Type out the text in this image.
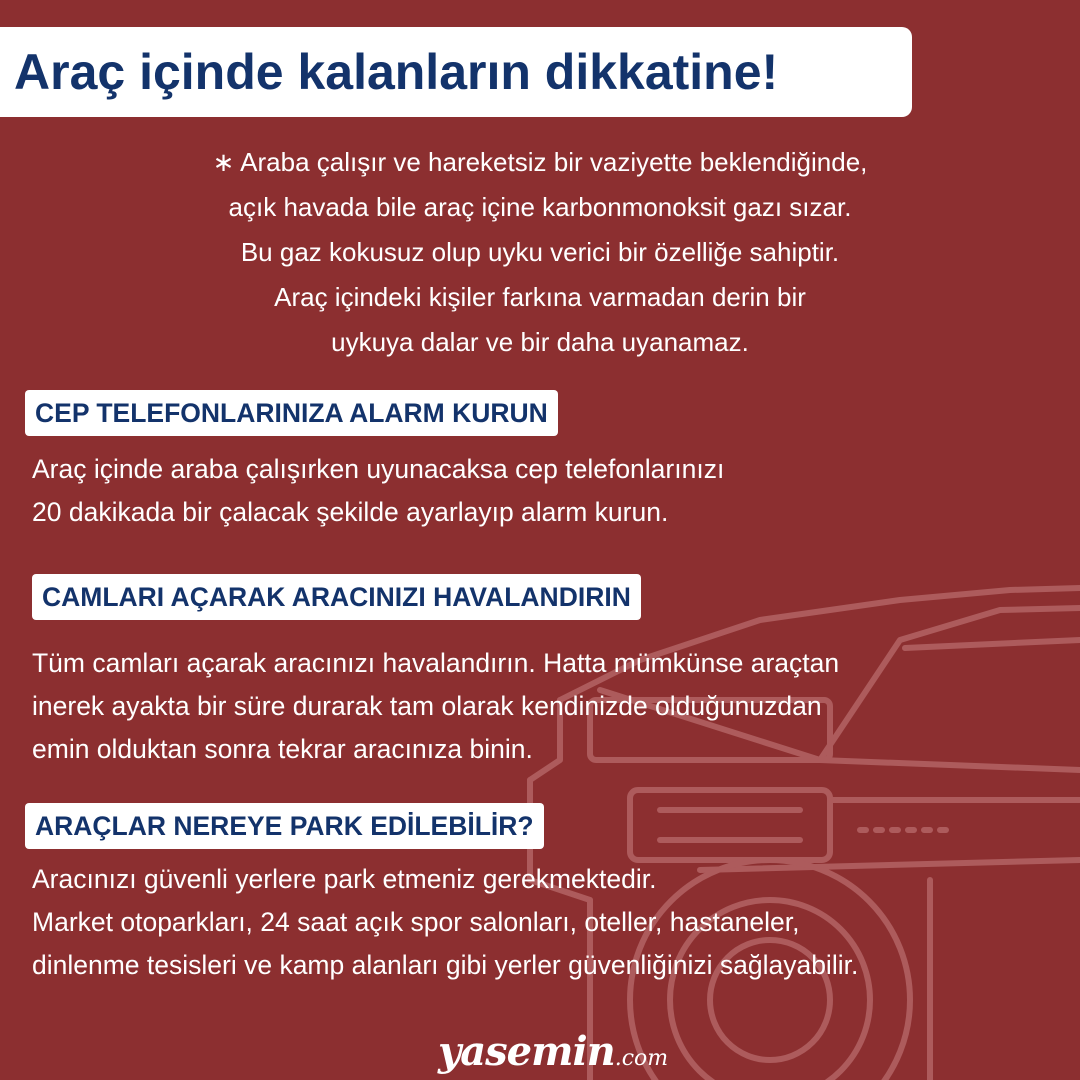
Araç içinde kalanların dikkatine!
∗ Araba çalışır ve hareketsiz bir vaziyette beklendiğinde,
açık havada bile araç içine karbonmonoksit gazı sızar.
Bu gaz kokusuz olup uyku verici bir özelliğe sahiptir.
Araç içindeki kişiler farkına varmadan derin bir
uykuya dalar ve bir daha uyanamaz.
CEP TELEFONLARINIZA ALARM KURUN
Araç içinde araba çalışırken uyunacaksa cep telefonlarınızı
20 dakikada bir çalacak şekilde ayarlayıp alarm kurun.
CAMLARI AÇARAK ARACINIZI HAVALANDIRIN
Tüm camları açarak aracınızı havalandırın. Hatta mümkünse araçtan
inerek ayakta bir süre durarak tam olarak kendinizde olduğunuzdan
emin olduktan sonra tekrar aracınıza binin.
ARAÇLAR NEREYE PARK EDİLEBİLİR?
Aracınızı güvenli yerlere park etmeniz gerekmektedir.
Market otoparkları, 24 saat açık spor salonları, oteller, hastaneler,
dinlenme tesisleri ve kamp alanları gibi yerler güvenliğinizi sağlayabilir.
yasemin.com
